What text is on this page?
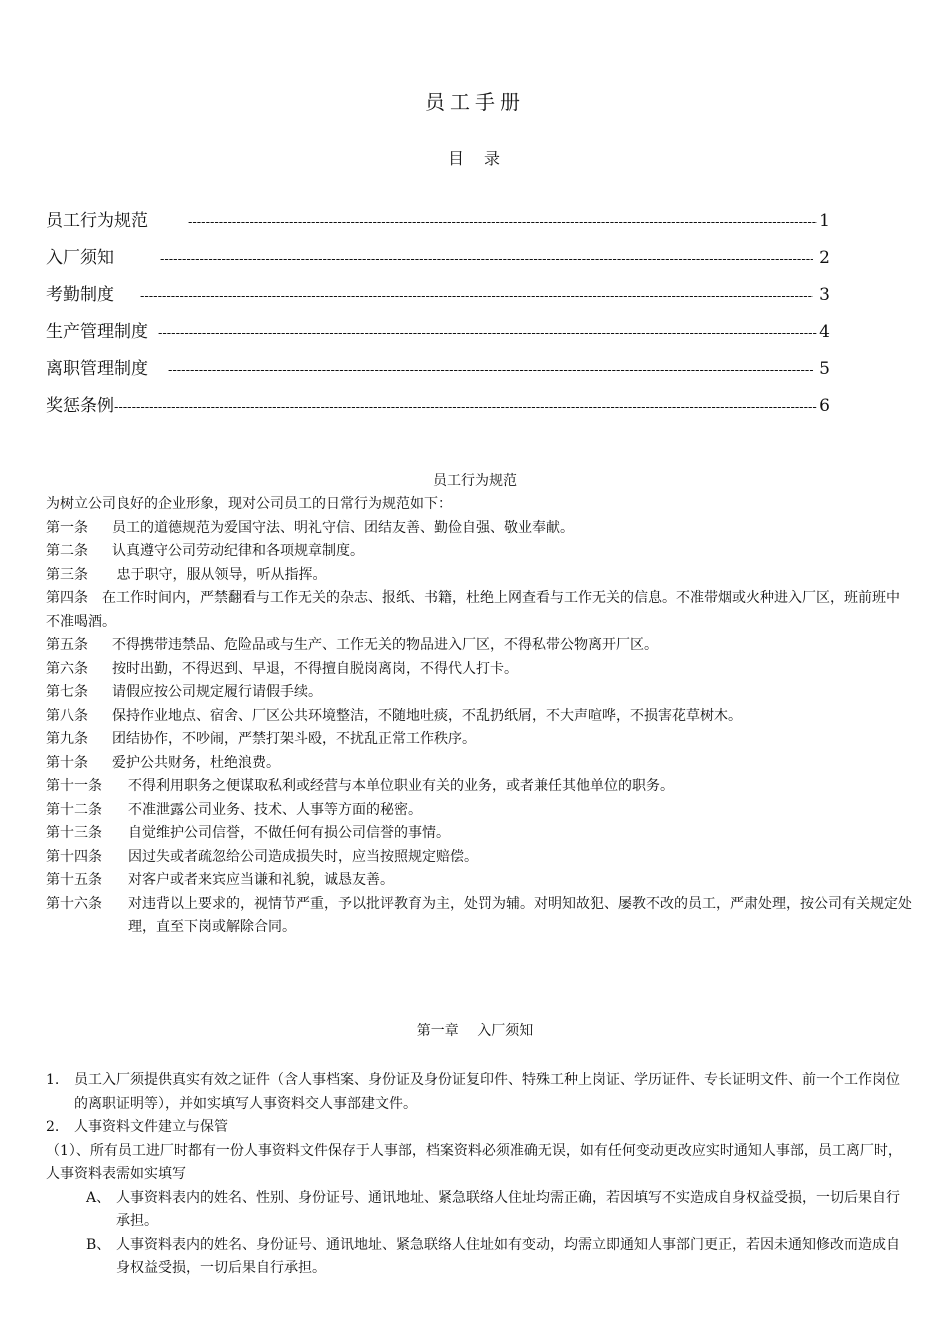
员工手册
目　录
员工行为规范 -----	1
入厂须知 -----	2
考勤制度 -----	3
生产管理制度 -----	4
离职管理制度 -----	5
奖惩条例 -----	6
员工行为规范

为树立公司良好的企业形象，现对公司员工的日常行为规范如下：

第一条	员工的道德规范为爱国守法、明礼守信、团结友善、勤俭自强、敬业奉献。
第二条	认真遵守公司劳动纪律和各项规章制度。
第三条	忠于职守，服从领导，听从指挥。
第四条 在工作时间内，严禁翻看与工作无关的杂志、报纸、书籍，杜绝上网查看与工作无关的信息。不准带烟或火种进入厂区，班前班中不准喝酒。
第五条	不得携带违禁品、危险品或与生产、工作无关的物品进入厂区，不得私带公物离开厂区。
第六条	按时出勤，不得迟到、早退，不得擅自脱岗离岗，不得代人打卡。
第七条	请假应按公司规定履行请假手续。
第八条	保持作业地点、宿舍、厂区公共环境整洁，不随地吐痰，不乱扔纸屑，不大声喧哗，不损害花草树木。
第九条	团结协作，不吵闹，严禁打架斗殴，不扰乱正常工作秩序。
第十条	爱护公共财务，杜绝浪费。
第十一条	不得利用职务之便谋取私利或经营与本单位职业有关的业务，或者兼任其他单位的职务。
第十二条	不准泄露公司业务、技术、人事等方面的秘密。
第十三条	自觉维护公司信誉，不做任何有损公司信誉的事情。
第十四条	因过失或者疏忽给公司造成损失时，应当按照规定赔偿。
第十五条	对客户或者来宾应当谦和礼貌，诚恳友善。
第十六条	对违背以上要求的，视情节严重，予以批评教育为主，处罚为辅。对明知故犯、屡教不改的员工，严肃处理，按公司有关规定处理，直至下岗或解除合同。
第一章　 入厂须知
1.	员工入厂须提供真实有效之证件（含人事档案、身份证及身份证复印件、特殊工种上岗证、学历证件、专长证明文件、前一个工作岗位的离职证明等），并如实填写人事资料交人事部建文件。
2.	人事资料文件建立与保管

（1）、所有员工进厂时都有一份人事资料文件保存于人事部，档案资料必须准确无误，如有任何变动更改应实时通知人事部，员工离厂时，人事资料表需如实填写

A、 人事资料表内的姓名、性别、身份证号、通讯地址、紧急联络人住址均需正确，若因填写不实造成自身权益受损，一切后果自行承担。
B、 人事资料表内的姓名、身份证号、通讯地址、紧急联络人住址如有变动，均需立即通知人事部门更正，若因未通知修改而造成自身权益受损，一切后果自行承担。
